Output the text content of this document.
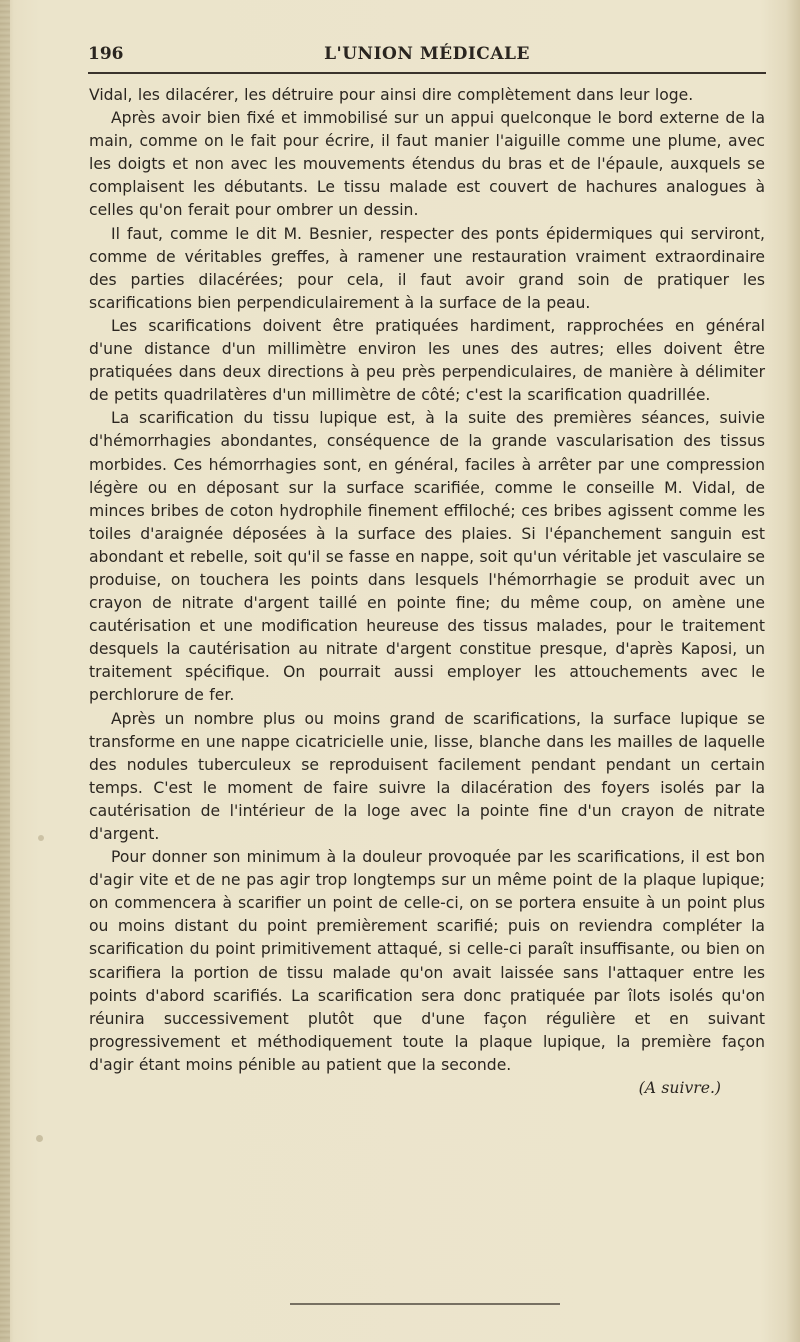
196	L'UNION MÉDICALE

Vidal, les dilacérer, les détruire pour ainsi dire complètement dans leur loge.

Après avoir bien fixé et immobilisé sur un appui quelconque le bord externe de la main, comme on le fait pour écrire, il faut manier l'aiguille comme une plume, avec les doigts et non avec les mouvements étendus du bras et de l'épaule, auxquels se complaisent les débutants. Le tissu malade est couvert de hachures analogues à celles qu'on ferait pour ombrer un dessin.

Il faut, comme le dit M. Besnier, respecter des ponts épidermiques qui serviront, comme de véritables greffes, à ramener une restauration vraiment extraordinaire des parties dilacérées; pour cela, il faut avoir grand soin de pratiquer les scarifications bien perpendiculairement à la surface de la peau.

Les scarifications doivent être pratiquées hardiment, rapprochées en général d'une distance d'un millimètre environ les unes des autres; elles doivent être pratiquées dans deux directions à peu près perpendiculaires, de manière à délimiter de petits quadrilatères d'un millimètre de côté; c'est la scarification quadrillée.

La scarification du tissu lupique est, à la suite des premières séances, suivie d'hémorrhagies abondantes, conséquence de la grande vascularisation des tissus morbides. Ces hémorrhagies sont, en général, faciles à arrêter par une compression légère ou en déposant sur la surface scarifiée, comme le conseille M. Vidal, de minces bribes de coton hydrophile finement effiloché; ces bribes agissent comme les toiles d'araignée déposées à la surface des plaies. Si l'épanchement sanguin est abondant et rebelle, soit qu'il se fasse en nappe, soit qu'un véritable jet vasculaire se produise, on touchera les points dans lesquels l'hémorrhagie se produit avec un crayon de nitrate d'argent taillé en pointe fine; du même coup, on amène une cautérisation et une modification heureuse des tissus malades, pour le traitement desquels la cautérisation au nitrate d'argent constitue presque, d'après Kaposi, un traitement spécifique. On pourrait aussi employer les attouchements avec le perchlorure de fer.

Après un nombre plus ou moins grand de scarifications, la surface lupique se transforme en une nappe cicatricielle unie, lisse, blanche dans les mailles de laquelle des nodules tuberculeux se reproduisent facilement pendant pendant un certain temps. C'est le moment de faire suivre la dilacération des foyers isolés par la cautérisation de l'intérieur de la loge avec la pointe fine d'un crayon de nitrate d'argent.

Pour donner son minimum à la douleur provoquée par les scarifications, il est bon d'agir vite et de ne pas agir trop longtemps sur un même point de la plaque lupique; on commencera à scarifier un point de celle-ci, on se portera ensuite à un point plus ou moins distant du point premièrement scarifié; puis on reviendra compléter la scarification du point primitivement attaqué, si celle-ci paraît insuffisante, ou bien on scarifiera la portion de tissu malade qu'on avait laissée sans l'attaquer entre les points d'abord scarifiés. La scarification sera donc pratiquée par îlots isolés qu'on réunira successivement plutôt que d'une façon régulière et en suivant progressivement et méthodiquement toute la plaque lupique, la première façon d'agir étant moins pénible au patient que la seconde.

(A suivre.)
